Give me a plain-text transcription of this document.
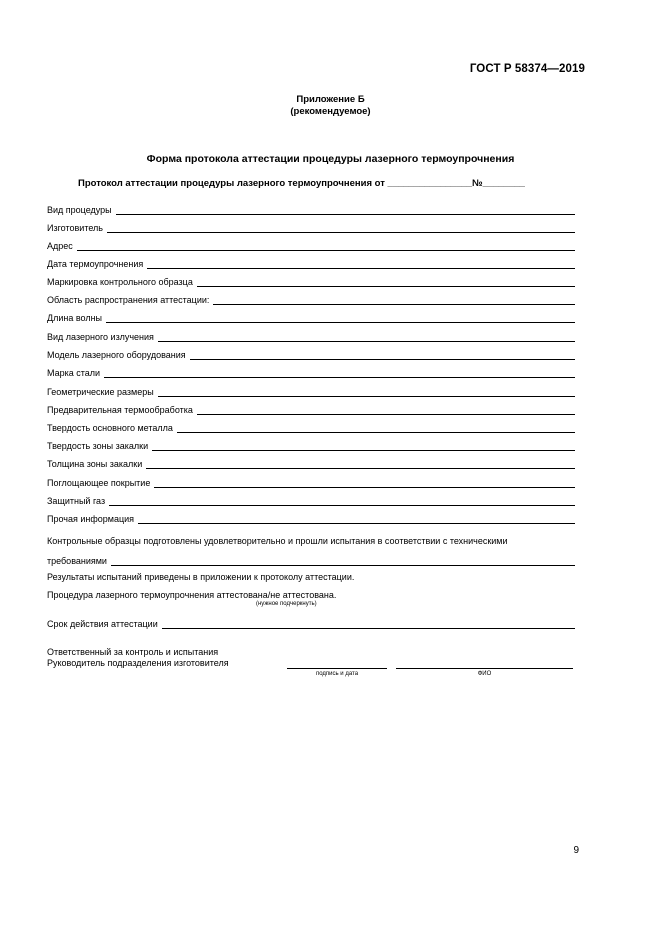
ГОСТ Р 58374—2019
Приложение Б
(рекомендуемое)
Форма протокола аттестации процедуры лазерного термоупрочнения
Протокол аттестации процедуры лазерного термоупрочнения от ________________№________
Вид процедуры
Изготовитель
Адрес
Дата термоупрочнения
Маркировка контрольного образца
Область распространения аттестации:
Длина волны
Вид лазерного излучения
Модель лазерного оборудования
Марка стали
Геометрические размеры
Предварительная термообработка
Твердость основного металла
Твердость зоны закалки
Толщина зоны закалки
Поглощающее покрытие
Защитный газ
Прочая информация
Контрольные образцы подготовлены удовлетворительно и прошли испытания в соответствии с техническими
требованиями
Результаты испытаний приведены в приложении к протоколу аттестации.
Процедура лазерного термоупрочнения аттестована/не аттестована.
(нужное подчеркнуть)
Срок действия аттестации
Ответственный за контроль и испытания
Руководитель подразделения изготовителя
подпись и дата	ФИО
9
